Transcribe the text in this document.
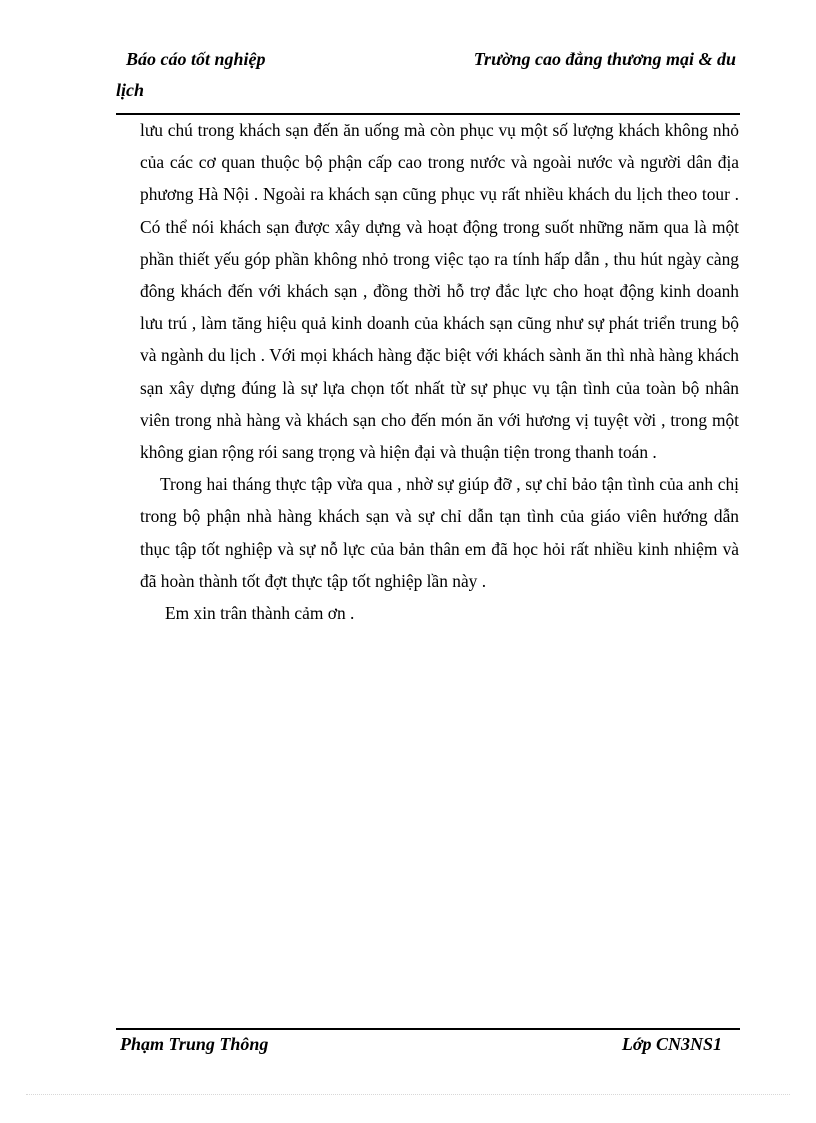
Báo cáo tốt nghiệp	Trường cao đẳng thương mại & du
lịch

lưu chú trong khách sạn đến ăn uống mà còn phục vụ một số lượng khách không nhỏ của các cơ quan thuộc bộ phận cấp cao trong nước và ngoài nước và người dân địa phương Hà Nội . Ngoài ra khách sạn cũng phục vụ rất nhiều khách du lịch theo tour . Có thể nói khách sạn được xây dựng và hoạt động trong suốt những năm qua là một phần thiết yếu góp phần không nhỏ trong việc tạo ra tính hấp dẫn , thu hút ngày càng đông khách đến với khách sạn , đồng thời hỗ trợ đắc lực cho hoạt động kinh doanh lưu trú , làm tăng hiệu quả kinh doanh của khách sạn cũng như sự phát triển trung bộ và ngành du lịch . Với mọi khách hàng đặc biệt với khách sành ăn thì nhà hàng khách sạn xây dựng đúng là sự lựa chọn tốt nhất từ sự phục vụ tận tình của toàn bộ nhân viên trong nhà hàng và khách sạn cho đến món ăn với hương vị tuyệt vời , trong một không gian rộng rói sang trọng và hiện đại và thuận tiện trong thanh toán .

Trong hai tháng thực tập vừa qua , nhờ sự giúp đỡ , sự chỉ bảo tận tình của anh chị trong bộ phận nhà hàng khách sạn và sự chỉ dẫn tạn tình của giáo viên hướng dẫn thục tập tốt nghiệp và sự nỗ lực của bản thân em đã học hỏi rất nhiều kinh nhiệm và đã hoàn thành tốt đợt thực tập tốt nghiệp lần này .

Em xin trân thành cảm ơn .

Phạm Trung Thông	Lớp CN3NS1
